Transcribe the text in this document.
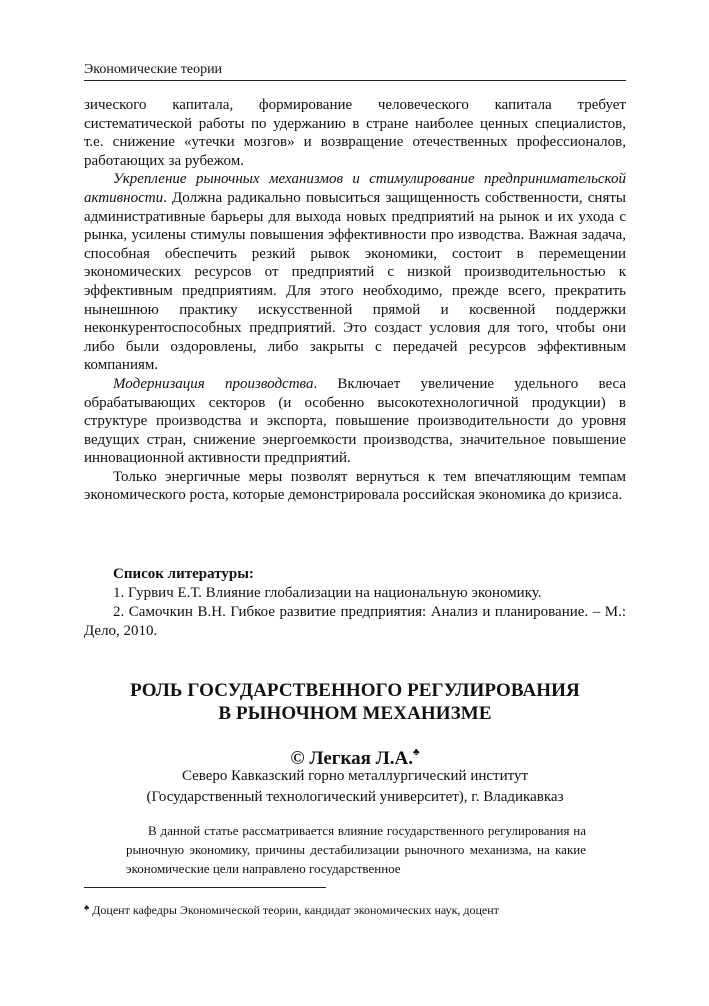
Экономические теории

зического капитала, формирование человеческого капитала требует систематической работы по удержанию в стране наиболее ценных специалистов, т.е. снижение «утечки мозгов» и возвращение отечественных профессионалов, работающих за рубежом.

Укрепление рыночных механизмов и стимулирование предпринимательской активности. Должна радикально повыситься защищенность собственности, сняты административные барьеры для выхода новых предприятий на рынок и их ухода с рынка, усилены стимулы повышения эффективности про изводства. Важная задача, способная обеспечить резкий рывок экономики, состоит в перемещении экономических ресурсов от предприятий с низкой производительностью к эффективным предприятиям. Для этого необходимо, прежде всего, прекратить нынешнюю практику искусственной прямой и косвенной поддержки неконкурентоспособных предприятий. Это создаст условия для того, чтобы они либо были оздоровлены, либо закрыты с передачей ресурсов эффективным компаниям.

Модернизация производства. Включает увеличение удельного веса обрабатывающих секторов (и особенно высокотехнологичной продукции) в структуре производства и экспорта, повышение производительности до уровня ведущих стран, снижение энергоемкости производства, значительное повышение инновационной активности предприятий.

Только энергичные меры позволят вернуться к тем впечатляющим темпам экономического роста, которые демонстрировала российская экономика до кризиса.

Список литературы:

1. Гурвич Е.Т. Влияние глобализации на национальную экономику.

2. Самочкин В.Н. Гибкое развитие предприятия: Анализ и планирование. – М.: Дело, 2010.

РОЛЬ ГОСУДАРСТВЕННОГО РЕГУЛИРОВАНИЯ
В РЫНОЧНОМ МЕХАНИЗМЕ
© Легкая Л.А.♣
Северо Кавказский горно металлургический институт
(Государственный технологический университет), г. Владикавказ

В данной статье рассматривается влияние государственного регулирования на рыночную экономику, причины дестабилизации рыночного механизма, на какие экономические цели направлено государственное

♣ Доцент кафедры Экономической теории, кандидат экономических наук, доцент
